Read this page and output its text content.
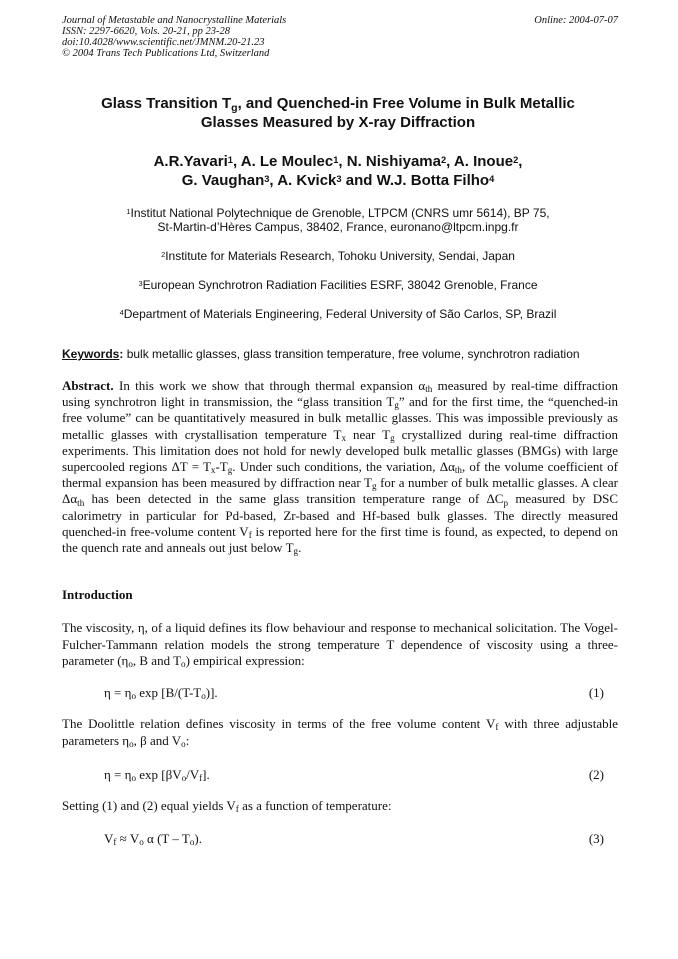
Journal of Metastable and Nanocrystalline Materials	Online: 2004-07-07
ISSN: 2297-6620, Vols. 20-21, pp 23-28
doi:10.4028/www.scientific.net/JMNM.20-21.23
© 2004 Trans Tech Publications Ltd, Switzerland
Glass Transition $T_g$, and Quenched-in Free Volume in Bulk Metallic
Glasses Measured by X-ray Diffraction
A.R.Yavari$^1$, A. Le Moulec$^1$, N. Nishiyama$^2$, A. Inoue$^2$,
G. Vaughan$^3$, A. Kvick$^3$ and W.J. Botta Filho$^4$
$^1$Institut National Polytechnique de Grenoble, LTPCM (CNRS umr 5614), BP 75,
St-Martin-d’Hères Campus, 38402, France, euronano@ltpcm.inpg.fr
$^2$Institute for Materials Research, Tohoku University, Sendai, Japan
$^3$European Synchrotron Radiation Facilities ESRF, 38042 Grenoble, France
$^4$Department of Materials Engineering, Federal University of São Carlos, SP, Brazil
Keywords: bulk metallic glasses, glass transition temperature, free volume, synchrotron radiation
Abstract. In this work we show that through thermal expansion $\alpha_{th}$ measured by real-time diffraction using synchrotron light in transmission, the “glass transition $T_g$” and for the first time, the “quenched-in free volume” can be quantitatively measured in bulk metallic glasses. This was impossible previously as metallic glasses with crystallisation temperature $T_x$ near $T_g$ crystallized during real-time diffraction experiments. This limitation does not hold for newly developed bulk metallic glasses (BMGs) with large supercooled regions $\Delta T = T_x-T_g$. Under such conditions, the variation, $\Delta\alpha_{th}$, of the volume coefficient of thermal expansion has been measured by diffraction near $T_g$ for a number of bulk metallic glasses. A clear $\Delta\alpha_{th}$ has been detected in the same glass transition temperature range of $\Delta C_p$ measured by DSC calorimetry in particular for Pd-based, Zr-based and Hf-based bulk glasses. The directly measured quenched-in free-volume content $V_f$ is reported here for the first time is found, as expected, to depend on the quench rate and anneals out just below $T_g$.
Introduction
The viscosity, η, of a liquid defines its flow behaviour and response to mechanical solicitation. The Vogel-Fulcher-Tammann relation models the strong temperature T dependence of viscosity using a three-parameter ($\eta_o$, B and $T_o$) empirical expression:
$\eta = \eta_o$ $\exp [B/(T-T_o)]$.	(1)
The Doolittle relation defines viscosity in terms of the free volume content $V_f$ with three adjustable parameters $\eta_o$, β and $V_o$:
$\eta = \eta_o$ $\exp [\beta V_o/V_f]$.	(2)
Setting (1) and (2) equal yields $V_f$ as a function of temperature:
$V_f \approx V_o$ α $(T - T_o)$.	(3)
